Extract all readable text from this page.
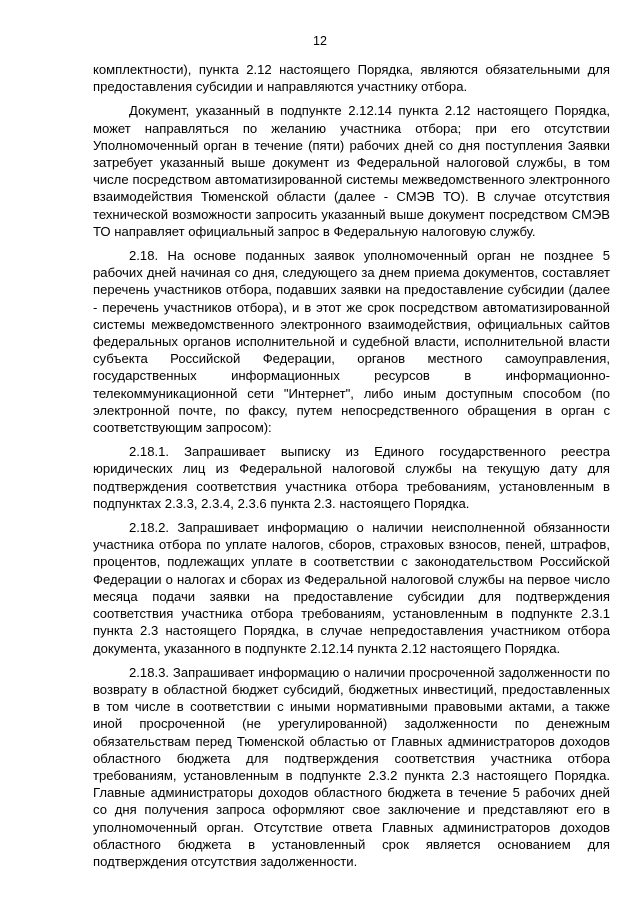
12

комплектности), пункта 2.12 настоящего Порядка, являются обязательными для предоставления субсидии и направляются участнику отбора.

Документ, указанный в подпункте 2.12.14 пункта 2.12 настоящего Порядка, может направляться по желанию участника отбора; при его отсутствии Уполномоченный орган в течение (пяти) рабочих дней со дня поступления Заявки затребует указанный выше документ из Федеральной налоговой службы, в том числе посредством автоматизированной системы межведомственного электронного взаимодействия Тюменской области (далее - СМЭВ ТО). В случае отсутствия технической возможности запросить указанный выше документ посредством СМЭВ ТО направляет официальный запрос в Федеральную налоговую службу.

2.18. На основе поданных заявок уполномоченный орган не позднее 5 рабочих дней начиная со дня, следующего за днем приема документов, составляет перечень участников отбора, подавших заявки на предоставление субсидии (далее - перечень участников отбора), и в этот же срок посредством автоматизированной системы межведомственного электронного взаимодействия, официальных сайтов федеральных органов исполнительной и судебной власти, исполнительной власти субъекта Российской Федерации, органов местного самоуправления, государственных информационных ресурсов в информационно-телекоммуникационной сети "Интернет", либо иным доступным способом (по электронной почте, по факсу, путем непосредственного обращения в орган с соответствующим запросом):

2.18.1. Запрашивает выписку из Единого государственного реестра юридических лиц из Федеральной налоговой службы на текущую дату для подтверждения соответствия участника отбора требованиям, установленным в подпунктах 2.3.3, 2.3.4, 2.3.6 пункта 2.3. настоящего Порядка.

2.18.2. Запрашивает информацию о наличии неисполненной обязанности участника отбора по уплате налогов, сборов, страховых взносов, пеней, штрафов, процентов, подлежащих уплате в соответствии с законодательством Российской Федерации о налогах и сборах из Федеральной налоговой службы на первое число месяца подачи заявки на предоставление субсидии для подтверждения соответствия участника отбора требованиям, установленным в подпункте 2.3.1 пункта 2.3 настоящего Порядка, в случае непредоставления участником отбора документа, указанного в подпункте 2.12.14 пункта 2.12 настоящего Порядка.

2.18.3. Запрашивает информацию о наличии просроченной задолженности по возврату в областной бюджет субсидий, бюджетных инвестиций, предоставленных в том числе в соответствии с иными нормативными правовыми актами, а также иной просроченной (не урегулированной) задолженности по денежным обязательствам перед Тюменской областью от Главных администраторов доходов областного бюджета для подтверждения соответствия участника отбора требованиям, установленным в подпункте 2.3.2 пункта 2.3 настоящего Порядка. Главные администраторы доходов областного бюджета в течение 5 рабочих дней со дня получения запроса оформляют свое заключение и представляют его в уполномоченный орган. Отсутствие ответа Главных администраторов доходов областного бюджета в установленный срок является основанием для подтверждения отсутствия задолженности.
